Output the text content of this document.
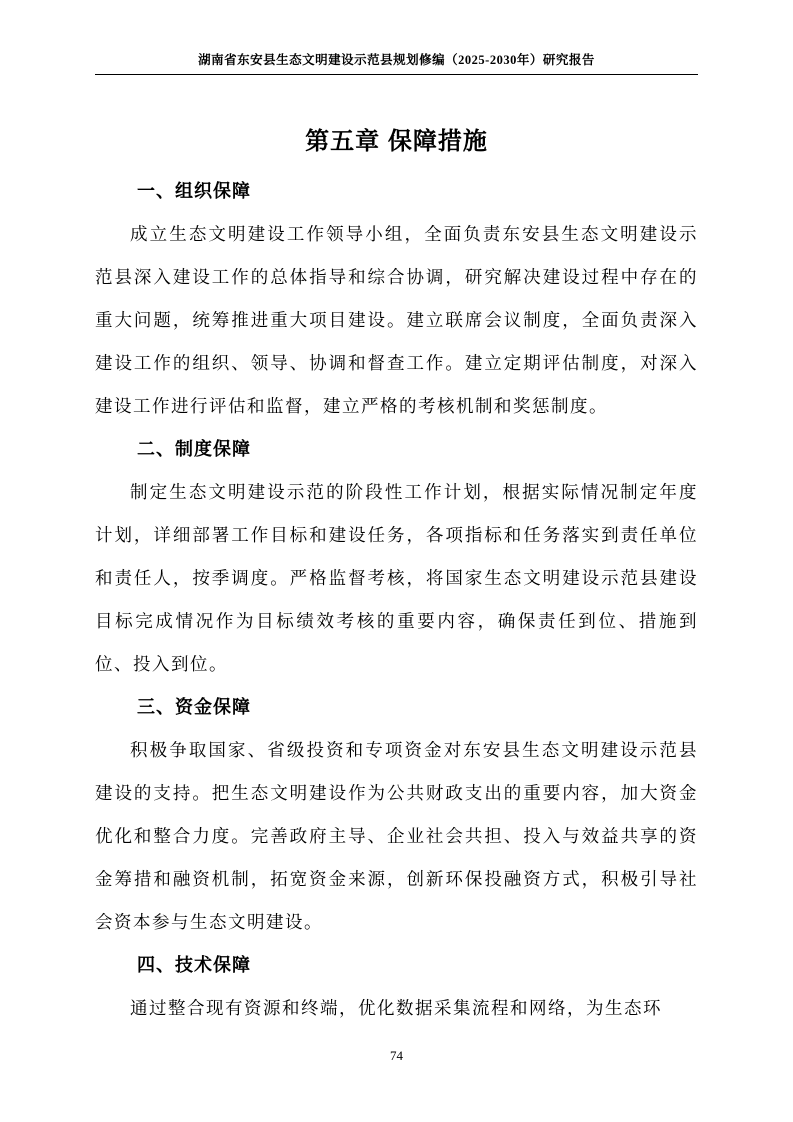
湖南省东安县生态文明建设示范县规划修编（2025-2030年）研究报告
第五章 保障措施
一、组织保障

成立生态文明建设工作领导小组，全面负责东安县生态文明建设示范县深入建设工作的总体指导和综合协调，研究解决建设过程中存在的重大问题，统筹推进重大项目建设。建立联席会议制度，全面负责深入建设工作的组织、领导、协调和督查工作。建立定期评估制度，对深入建设工作进行评估和监督，建立严格的考核机制和奖惩制度。

二、制度保障

制定生态文明建设示范的阶段性工作计划，根据实际情况制定年度计划，详细部署工作目标和建设任务，各项指标和任务落实到责任单位和责任人，按季调度。严格监督考核，将国家生态文明建设示范县建设目标完成情况作为目标绩效考核的重要内容，确保责任到位、措施到位、投入到位。

三、资金保障

积极争取国家、省级投资和专项资金对东安县生态文明建设示范县建设的支持。把生态文明建设作为公共财政支出的重要内容，加大资金优化和整合力度。完善政府主导、企业社会共担、投入与效益共享的资金筹措和融资机制，拓宽资金来源，创新环保投融资方式，积极引导社会资本参与生态文明建设。

四、技术保障

通过整合现有资源和终端，优化数据采集流程和网络，为生态环

74
